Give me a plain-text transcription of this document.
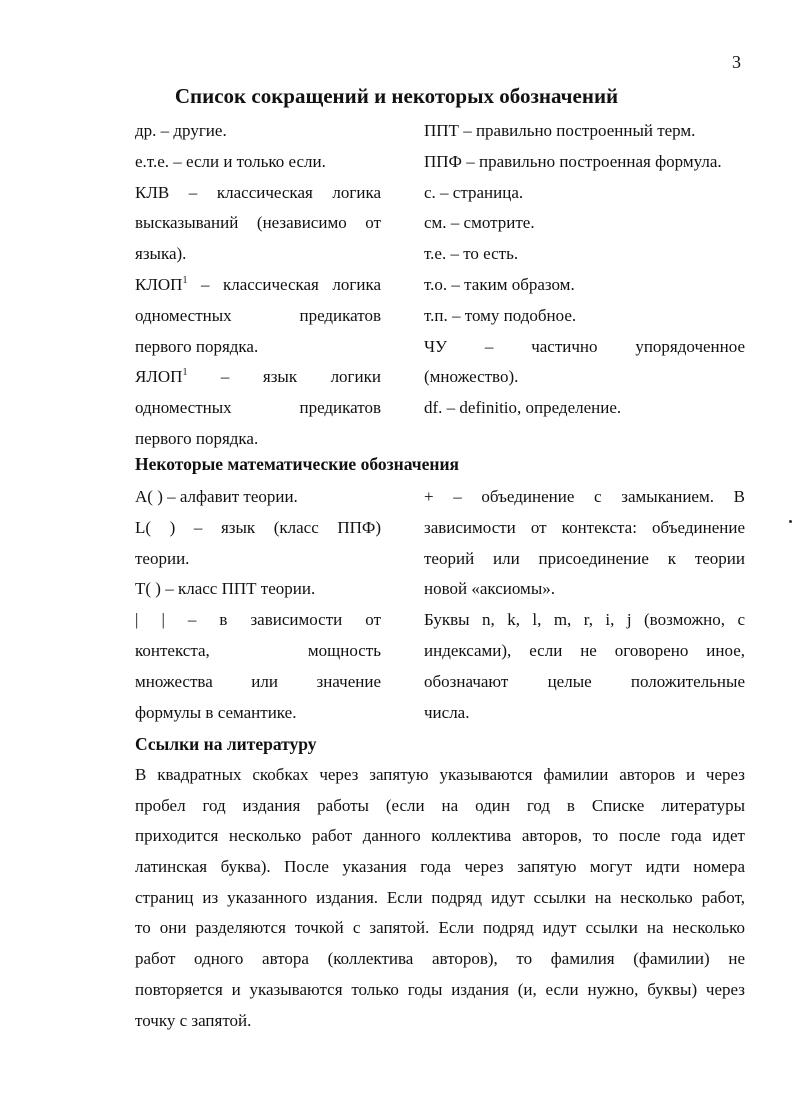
3
Список сокращений и некоторых обозначений
др. – другие.
е.т.е. – если и только если.
КЛВ – классическая логика
высказываний (независимо от
языка).
КЛОП$^1$ – классическая логика
одноместных предикатов
первого порядка.
ЯЛОП$^1$ – язык логики
одноместных предикатов
первого порядка.
ППТ – правильно построенный терм.
ППФ – правильно построенная формула.
с. – страница.
см. – смотрите.
т.е. – то есть.
т.о. – таким образом.
т.п. – тому подобное.
ЧУ – частично упорядоченное
(множество).
df. – definitio, определение.
Некоторые математические обозначения
A( ) – алфавит теории.
L( ) – язык (класс ППФ)
теории.
T( ) – класс ППТ теории.
| | – в зависимости от
контекста, мощность
множества или значение
формулы в семантике.
+ – объединение с замыканием. В
зависимости от контекста: объединение
теорий или присоединение к теории
новой «аксиомы».
Буквы n, k, l, m, r, i, j (возможно, с
индексами), если не оговорено иное,
обозначают целые положительные
числа.
Ссылки на литературу
В квадратных скобках через запятую указываются фамилии авторов и через
пробел год издания работы (если на один год в Списке литературы
приходится несколько работ данного коллектива авторов, то после года идет
латинская буква). После указания года через запятую могут идти номера
страниц из указанного издания. Если подряд идут ссылки на несколько работ,
то они разделяются точкой с запятой. Если подряд идут ссылки на несколько
работ одного автора (коллектива авторов), то фамилия (фамилии) не
повторяется и указываются только годы издания (и, если нужно, буквы) через
точку с запятой.
